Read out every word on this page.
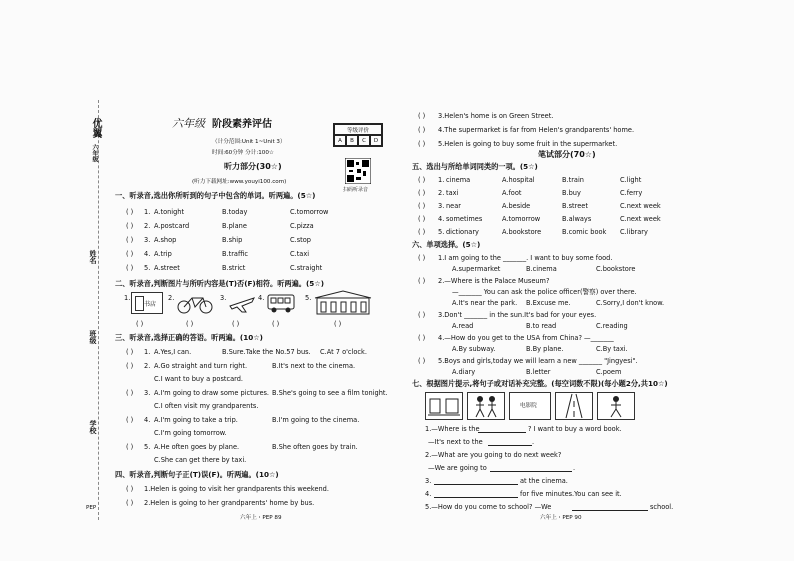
优翼
六年级
姓名
班级
学校
PEP
六年级 阶段素养评估
（计分范围:Unit 1~Unit 3）
时间:60分钟 分计:100☆
等级评价
A	B	C	D
扫码听录音
听力部分(30☆)
(听力下载网址:www.youyi100.com)
一、听录音,选出你所听到的句子中包含的单词。听两遍。(5☆)
( ) 1. A.tonight	B.today	C.tomorrow
( ) 2. A.postcard	B.plane	C.pizza
( ) 3. A.shop	B.ship	C.stop
( ) 4. A.trip	B.traffic	C.taxi
( ) 5. A.street	B.strict	C.straight
二、听录音,判断图片与所听内容是(T)否(F)相符。听两遍。(5☆)
1.
书店
2.	3.	4.	5.
( )	( )	( )	( )	( )
三、听录音,选择正确的答语。听两遍。(10☆)
( ) 1. A.Yes,I can.	B.Sure.Take the No.57 bus. C.At 7 o'clock.
( ) 2. A.Go straight and turn right.	B.It's next to the cinema.
C.I want to buy a postcard.
( ) 3. A.I'm going to draw some pictures. B.She's going to see a film tonight.
C.I often visit my grandparents.
( ) 4. A.I'm going to take a trip.	B.I'm going to the cinema.
C.I'm going tomorrow.
( ) 5. A.He often goes by plane.	B.She often goes by train.
C.She can get there by taxi.
四、听录音,判断句子正(T)误(F)。听两遍。(10☆)
( ) 1.Helen is going to visit her grandparents this weekend.
( ) 2.Helen is going to her grandparents' home by bus.
六年上・PEP 89
( ) 3.Helen's home is on Green Street.
( ) 4.The supermarket is far from Helen's grandparents' home.
( ) 5.Helen is going to buy some fruit in the supermarket.
笔试部分(70☆)
五、选出与所给单词同类的一项。(5☆)
( ) 1. cinema	A.hospital	B.train	C.light
( ) 2. taxi	A.foot	B.buy	C.ferry
( ) 3. near	A.beside	B.street	C.next week
( ) 4. sometimes	A.tomorrow	B.always	C.next week
( ) 5. dictionary	A.bookstore	B.comic book C.library
六、单项选择。(5☆)
( ) 1.I am going to the _______. I want to buy some food.
A.supermarket	B.cinema	C.bookstore
( ) 2.—Where is the Palace Museum?
—_______ You can ask the police officer(警察) over there.
A.It's near the park. B.Excuse me.	C.Sorry,I don't know.
( ) 3.Don't _______ in the sun.It's bad for your eyes.
A.read	B.to read	C.reading
( ) 4.—How do you get to the USA from China? —_______
A.By subway.	B.By plane.	C.By taxi.
( ) 5.Boys and girls,today we will learn a new _______ "Jingyesi".
A.diary	B.letter	C.poem
七、根据图片提示,将句子或对话补充完整。(每空词数不限)(每小题2分,共10☆)
电影院
1.—Where is the	? I want to buy a word book.
—It's next to the	.
2.—What are you going to do next week?
—We are going to	.
3.	at the cinema.
4.	for five minutes.You can see it.
5.—How do you come to school? —We	school.
六年上・PEP 90
